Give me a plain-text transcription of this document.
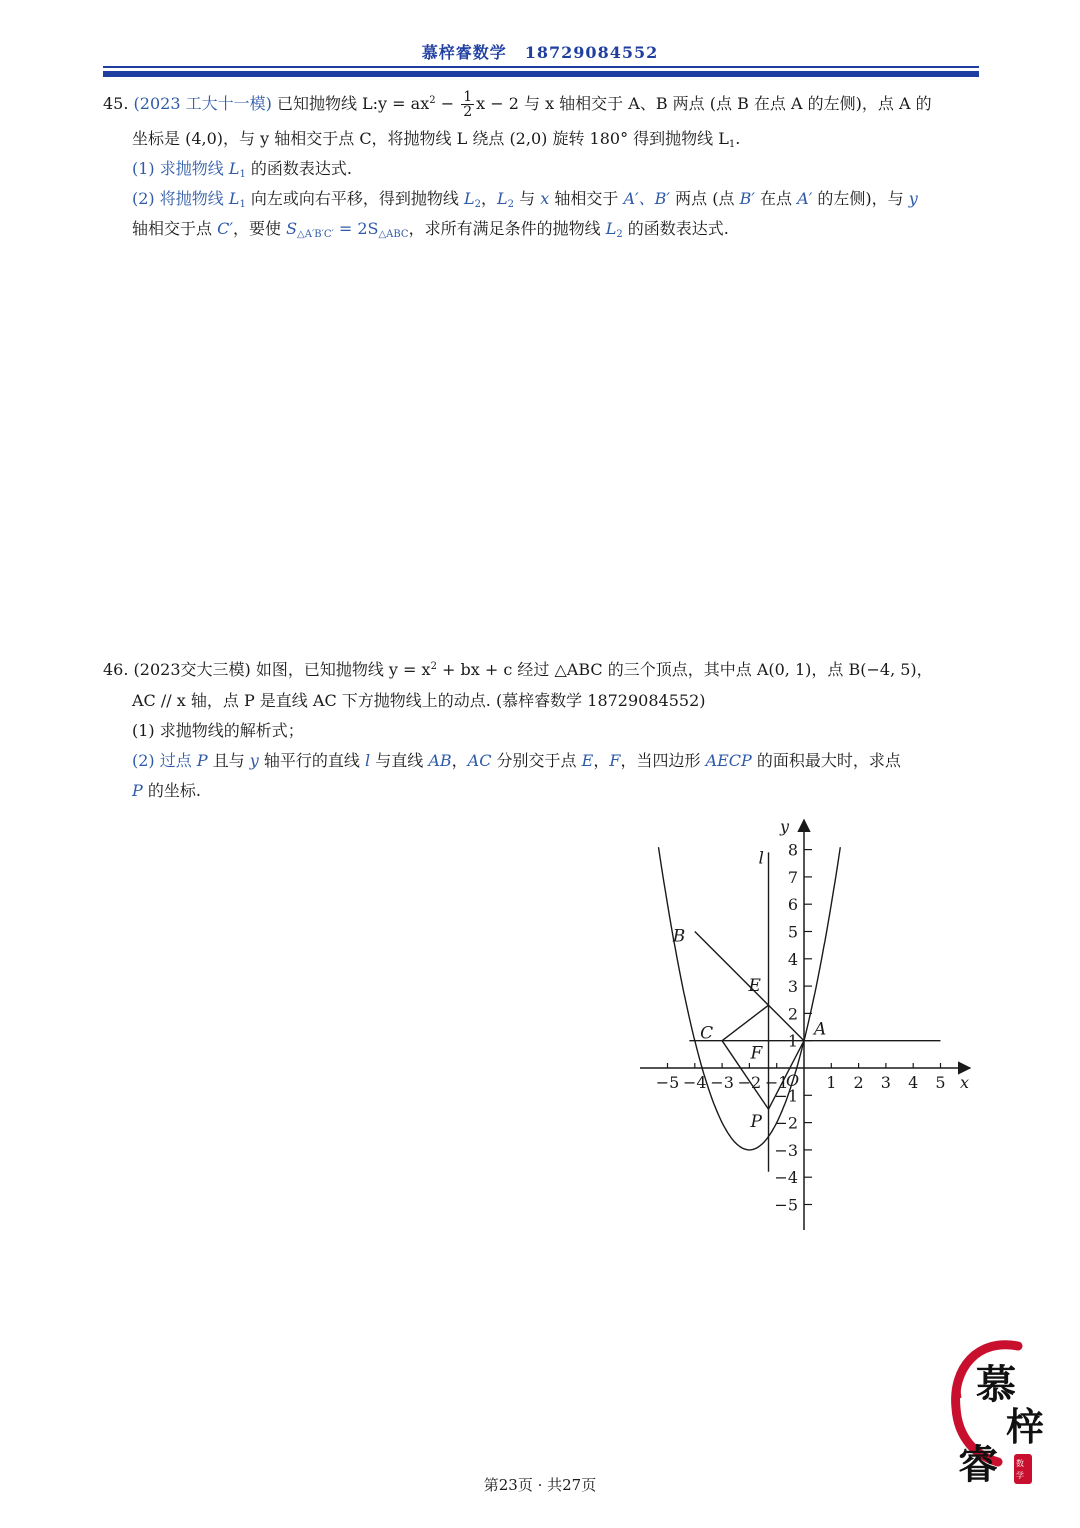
慕梓睿数学 18729084552
45. (2023 工大十一模) 已知抛物线 L:y = $ax^2 - \frac{1}{2}$ x − 2 与 x 轴相交于 A、B 两点 (点 B 在点 A 的左侧)，点 A 的
坐标是 (4,0)，与 y 轴相交于点 C，将抛物线 L 绕点 (2,0) 旋转 180° 得到抛物线 $L_1$.
(1) 求抛物线 $L_1$ 的函数表达式.
(2) 将抛物线 $L_1$ 向左或向右平移，得到抛物线 $L_2$，$L_2$ 与 x 轴相交于 A′、B′ 两点 (点 B′ 在点 A′ 的左侧)，与 y
轴相交于点 C′，要使 $S_{\triangle A'B'C'} = 2S_{\triangle ABC}$，求所有满足条件的抛物线 $L_2$ 的函数表达式.
46. (2023交大三模) 如图，已知抛物线 $y = x^2$ + bx + c 经过 △ABC 的三个顶点，其中点 A(0, 1)，点 B(−4, 5)，
AC // x 轴，点 P 是直线 AC 下方抛物线上的动点. (慕梓睿数学 18729084552)
(1) 求抛物线的解析式；
(2) 过点 P 且与 y 轴平行的直线 l 与直线 AB，AC 分别交于点 E，F，当四边形 AECP 的面积最大时，求点
P 的坐标.
−5 −4 −3 −2 −1 1 2 3 4 5
8
7
6
5
4
3
2
1
−1
−2
−3
−4
−5
x
y
O
A
B
C
E
F
P
l
第23页 · 共27页
慕
梓
睿 数
学
